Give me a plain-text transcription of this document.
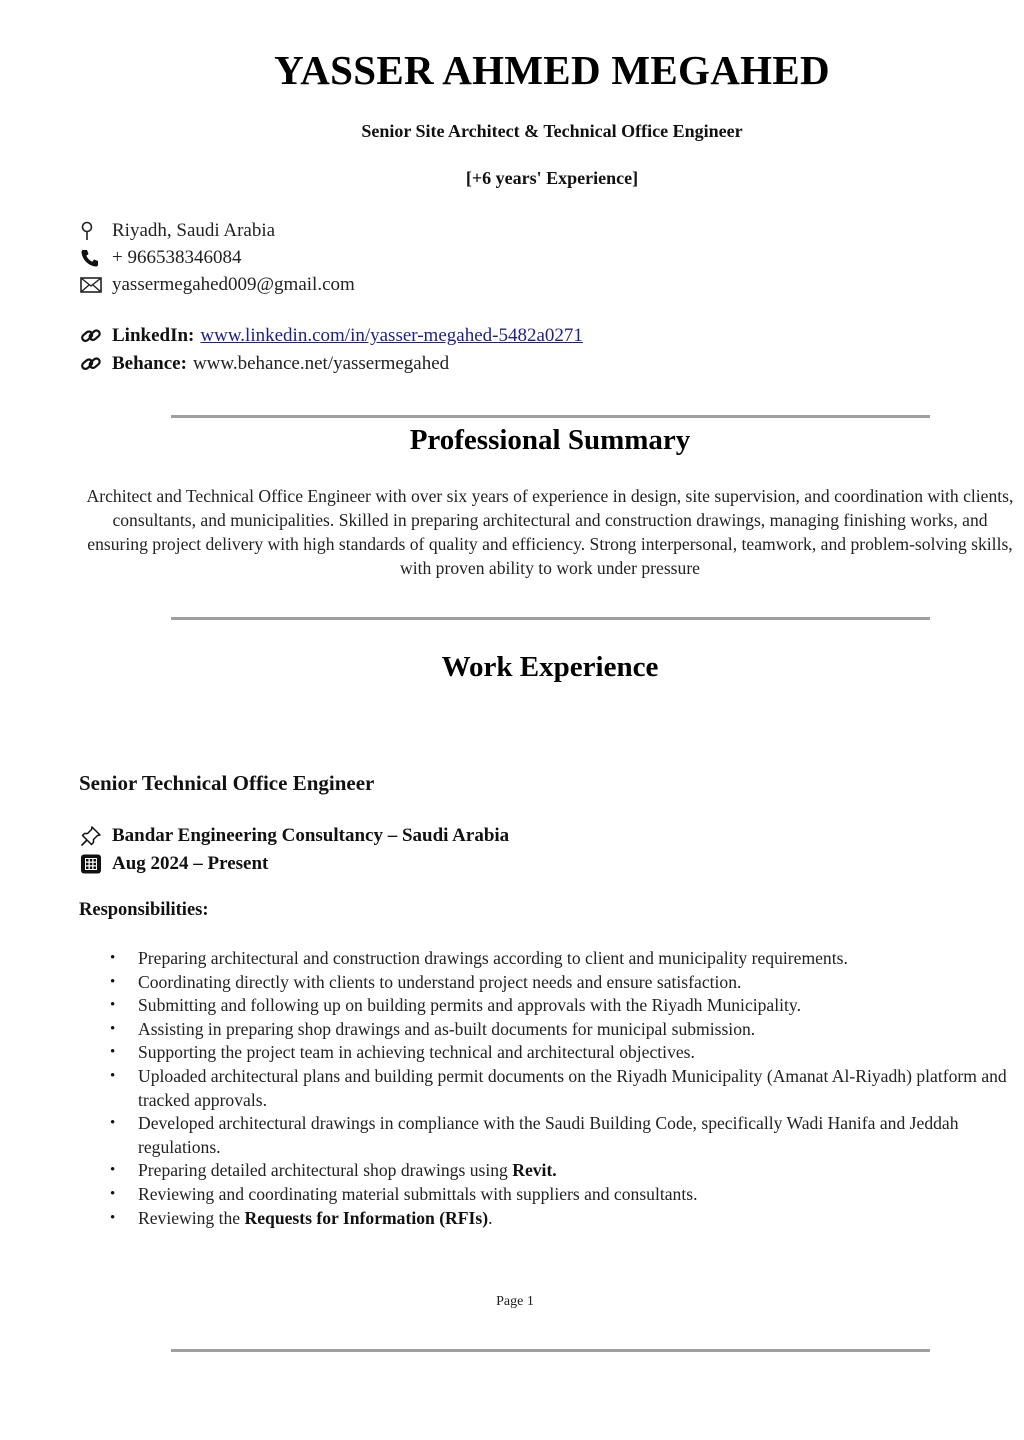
YASSER AHMED MEGAHED
Senior Site Architect & Technical Office Engineer
[+6 years' Experience]
Riyadh, Saudi Arabia
+ 966538346084
yassermegahed009@gmail.com
LinkedIn: www.linkedin.com/in/yasser-megahed-5482a0271
Behance: www.behance.net/yassermegahed
Professional Summary
Architect and Technical Office Engineer with over six years of experience in design, site supervision, and coordination with clients, consultants, and municipalities. Skilled in preparing architectural and construction drawings, managing finishing works, and ensuring project delivery with high standards of quality and efficiency. Strong interpersonal, teamwork, and problem-solving skills, with proven ability to work under pressure
Work Experience
Senior Technical Office Engineer
Bandar Engineering Consultancy – Saudi Arabia
Aug 2024 – Present
Responsibilities:
• Preparing architectural and construction drawings according to client and municipality requirements.
• Coordinating directly with clients to understand project needs and ensure satisfaction.
• Submitting and following up on building permits and approvals with the Riyadh Municipality.
• Assisting in preparing shop drawings and as-built documents for municipal submission.
• Supporting the project team in achieving technical and architectural objectives.
• Uploaded architectural plans and building permit documents on the Riyadh Municipality (Amanat Al-Riyadh) platform and tracked approvals.
• Developed architectural drawings in compliance with the Saudi Building Code, specifically Wadi Hanifa and Jeddah regulations.
• Preparing detailed architectural shop drawings using Revit.
• Reviewing and coordinating material submittals with suppliers and consultants.
• Reviewing the Requests for Information (RFIs).
Page 1
